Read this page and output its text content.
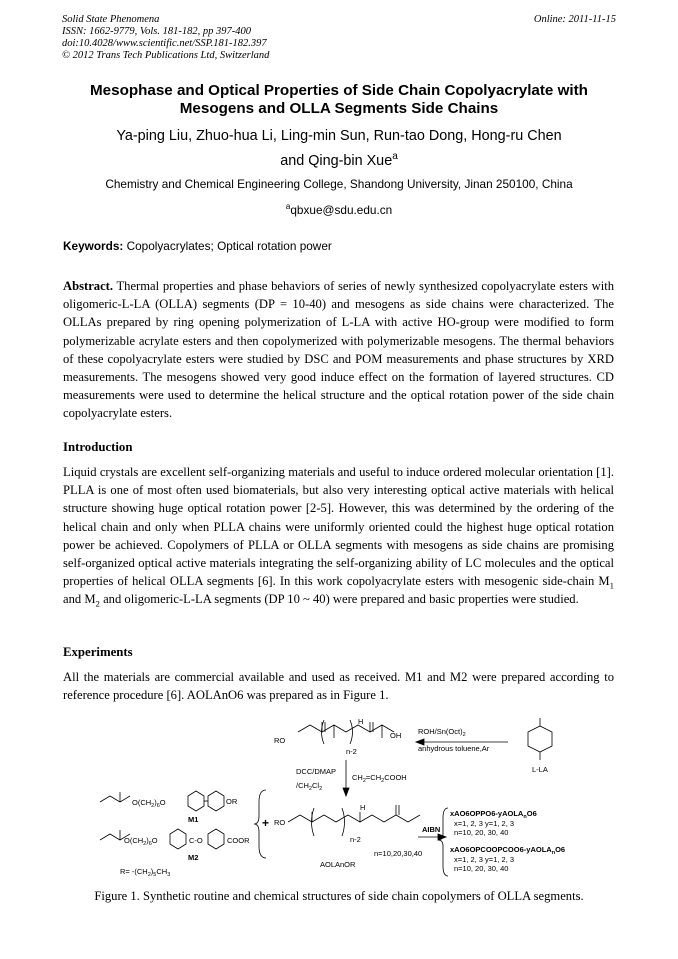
Solid State Phenomena
ISSN: 1662-9779, Vols. 181-182, pp 397-400
doi:10.4028/www.scientific.net/SSP.181-182.397
© 2012 Trans Tech Publications Ltd, Switzerland
Online: 2011-11-15
Mesophase and Optical Properties of Side Chain Copolyacrylate with
Mesogens and OLLA Segments Side Chains
Ya-ping Liu, Zhuo-hua Li, Ling-min Sun, Run-tao Dong, Hong-ru Chen
and Qing-bin Xue$^a$
Chemistry and Chemical Engineering College, Shandong University, Jinan 250100, China
$^a$qbxue@sdu.edu.cn
Keywords: Copolyacrylates; Optical rotation power
Abstract. Thermal properties and phase behaviors of series of newly synthesized copolyacrylate esters with oligomeric-L-LA (OLLA) segments (DP = 10-40) and mesogens as side chains were characterized. The OLLAs prepared by ring opening polymerization of L-LA with active HO-group were modified to form polymerizable acrylate esters and then copolymerized with polymerizable mesogens. The thermal behaviors of these copolyacrylate esters were studied by DSC and POM measurements and phase structures by XRD measurements. The mesogens showed very good induce effect on the formation of layered structures. CD measurements were used to determine the helical structure and the optical rotation power of the side chain copolyacrylate esters.
Introduction
Liquid crystals are excellent self-organizing materials and useful to induce ordered molecular orientation [1]. PLLA is one of most often used biomaterials, but also very interesting optical active materials with helical structure showing huge optical rotation power [2-5]. However, this was determined by the ordering of the helical chain and only when PLLA chains were uniformly oriented could the highest huge optical rotation power be achieved. Copolymers of PLLA or OLLA segments with mesogens as side chains are promising self-organized optical active materials integrating the self-organizing ability of LC molecules and the optical properties of helical OLLA segments [6]. In this work copolyacrylate esters with mesogenic side-chain $M_1$ and $M_2$ and oligomeric-L-LA segments (DP 10 ~ 40) were prepared and basic properties were studied.
Experiments
All the materials are commercial available and used as received. M1 and M2 were prepared according to reference procedure [6]. AOLAnO6 was prepared as in Figure 1.
RO
OH
n-2
H
ROH/$Sn(Oct)_2$
anhydrous toluene,Ar
L-LA
DCC/DMAP
$/CH_2Cl_2$
$CH_2=CH_2COOH$
$O(CH_2)_6O$	OR
M1
$O(CH_2)_6O$	C-O	COOR
M2
$R= -(CH_2)_5CH_3$
+ RO
n-2
H
n=10,20,30,40
AOLAnOR
AIBN
xAO6OPPO6-yAOLA$_n$O6
x=1, 2, 3 y=1, 2, 3
n=10, 20, 30, 40
xAO6OPCOOPCOO6-yAOLA$_n$O6
x=1, 2, 3 y=1, 2, 3
n=10, 20, 30, 40
Figure 1. Synthetic routine and chemical structures of side chain copolymers of OLLA segments.
